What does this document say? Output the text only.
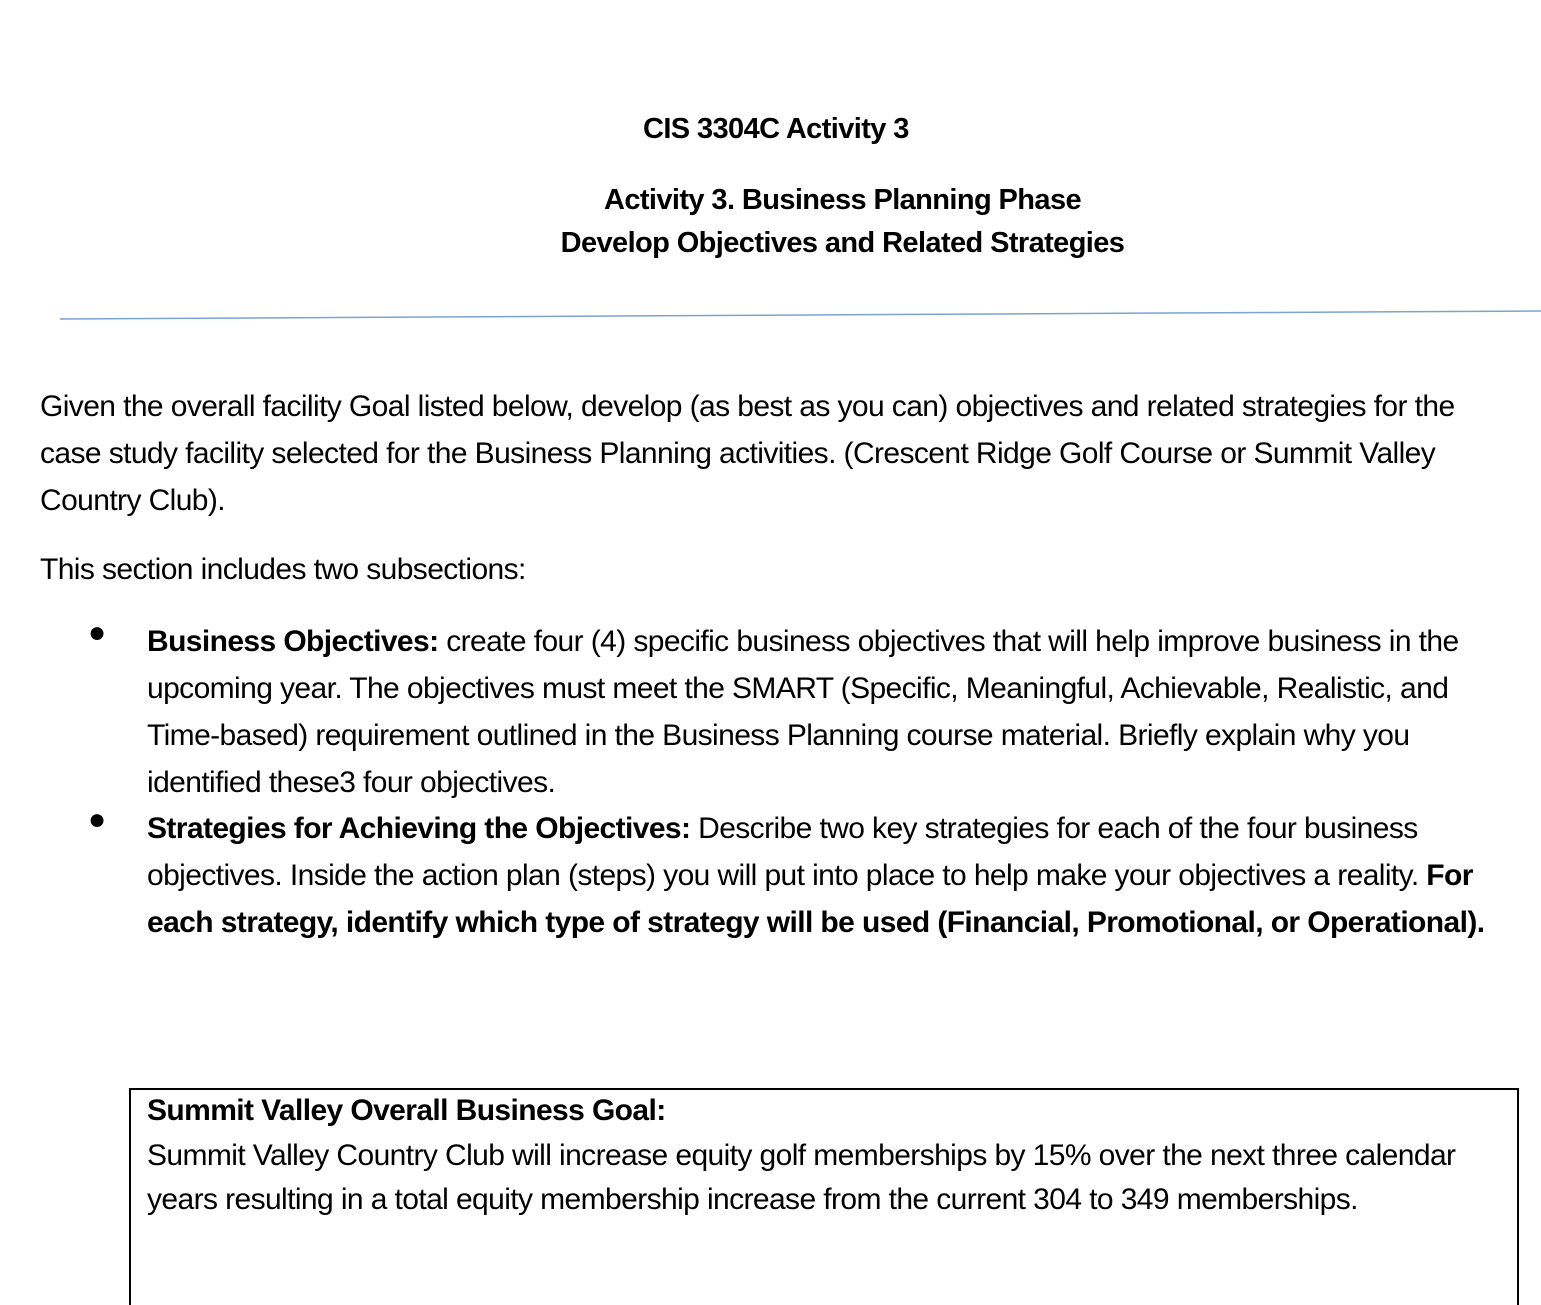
CIS 3304C Activity 3
Activity 3. Business Planning Phase
Develop Objectives and Related Strategies
Given the overall facility Goal listed below, develop (as best as you can) objectives and related strategies for the case study facility selected for the Business Planning activities. (Crescent Ridge Golf Course or Summit Valley Country Club).
This section includes two subsections:
● Business Objectives: create four (4) specific business objectives that will help improve business in the upcoming year. The objectives must meet the SMART (Specific, Meaningful, Achievable, Realistic, and Time-based) requirement outlined in the Business Planning course material. Briefly explain why you identified these3 four objectives.
● Strategies for Achieving the Objectives: Describe two key strategies for each of the four business objectives. Inside the action plan (steps) you will put into place to help make your objectives a reality. For each strategy, identify which type of strategy will be used (Financial, Promotional, or Operational).
Summit Valley Overall Business Goal:
Summit Valley Country Club will increase equity golf memberships by 15% over the next three calendar years resulting in a total equity membership increase from the current 304 to 349 memberships.
